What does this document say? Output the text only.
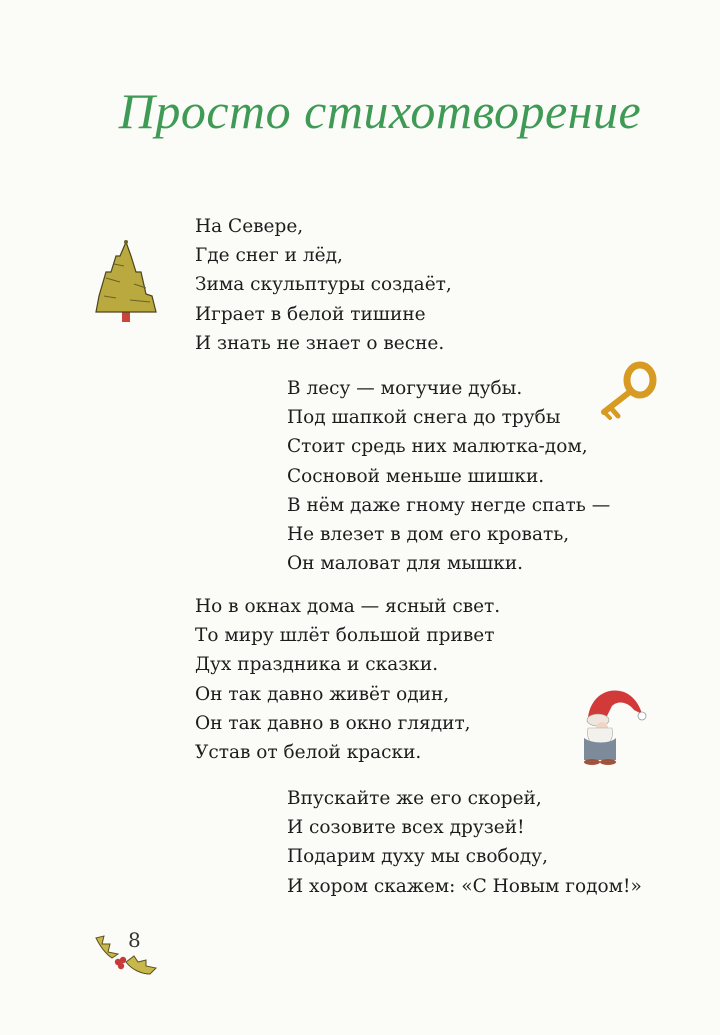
Просто стихотворение
На Севере,
Где снег и лёд,
Зима скульптуры создаёт,
Играет в белой тишине
И знать не знает о весне.
В лесу — могучие дубы.
Под шапкой снега до трубы
Стоит средь них малютка-дом,
Сосновой меньше шишки.
В нём даже гному негде спать —
Не влезет в дом его кровать,
Он маловат для мышки.
Но в окнах дома — ясный свет.
То миру шлёт большой привет
Дух праздника и сказки.
Он так давно живёт один,
Он так давно в окно глядит,
Устав от белой краски.
Впускайте же его скорей,
И созовите всех друзей!
Подарим духу мы свободу,
И хором скажем: «С Новым годом!»
8
